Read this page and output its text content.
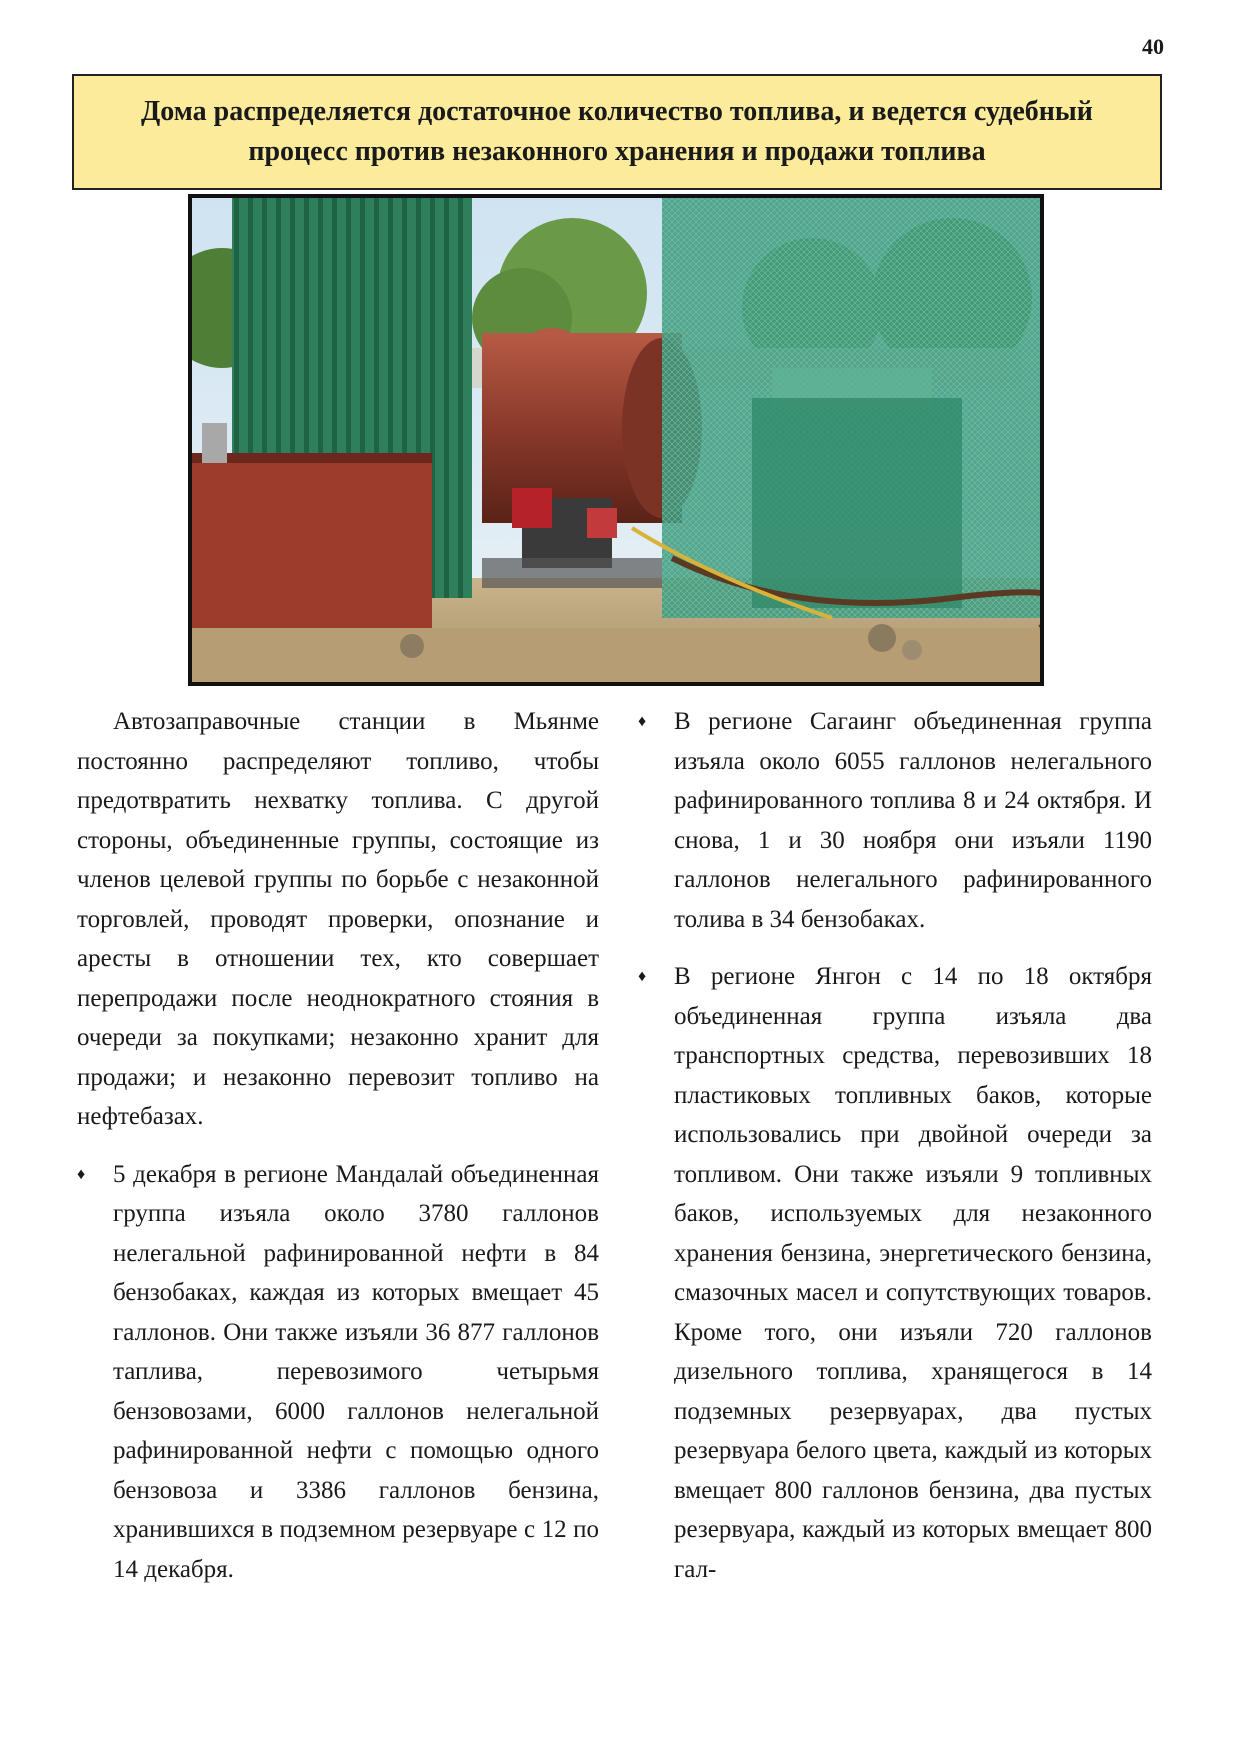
40
Дома распределяется достаточное количество топлива, и ведется судебный
процесс против незаконного хранения и продажи топлива

Автозаправочные станции в Мьянме постоянно распределяют топливо, чтобы предотвратить нехватку топлива. С другой стороны, объединенные группы, состоящие из членов целевой группы по борьбе с незаконной торговлей, проводят проверки, опознание и аресты в отношении тех, кто совершает перепродажи после неоднократного стояния в очереди за покупками; незаконно хранит для продажи; и незаконно перевозит топливо на нефтебазах.

♦ 5 декабря в регионе Мандалай объединенная группа изъяла около 3780 галлонов нелегальной рафинированной нефти в 84 бензобаках, каждая из которых вмещает 45 галлонов. Они также изъяли 36 877 галлонов таплива, перевозимого четырьмя бензовозами, 6000 галлонов нелегальной рафинированной нефти с помощью одного бензовоза и 3386 галлонов бензина, хранившихся в подземном резервуаре с 12 по 14 декабря.
♦ В регионе Сагаинг объединенная группа изъяла около 6055 галлонов нелегального рафинированного топлива 8 и 24 октября. И снова, 1 и 30 ноября они изъяли 1190 галлонов нелегального рафинированного толива в 34 бензобаках.
♦ В регионе Янгон с 14 по 18 октября объединенная группа изъяла два транспортных средства, перевозивших 18 пластиковых топливных баков, которые использовались при двойной очереди за топливом. Они также изъяли 9 топливных баков, используемых для незаконного хранения бензина, энергетического бензина, смазочных масел и сопутствующих товаров. Кроме того, они изъяли 720 галлонов дизельного топлива, хранящегося в 14 подземных резервуарах, два пустых резервуара белого цвета, каждый из которых вмещает 800 галлонов бензина, два пустых резервуара, каждый из которых вмещает 800 гал-
